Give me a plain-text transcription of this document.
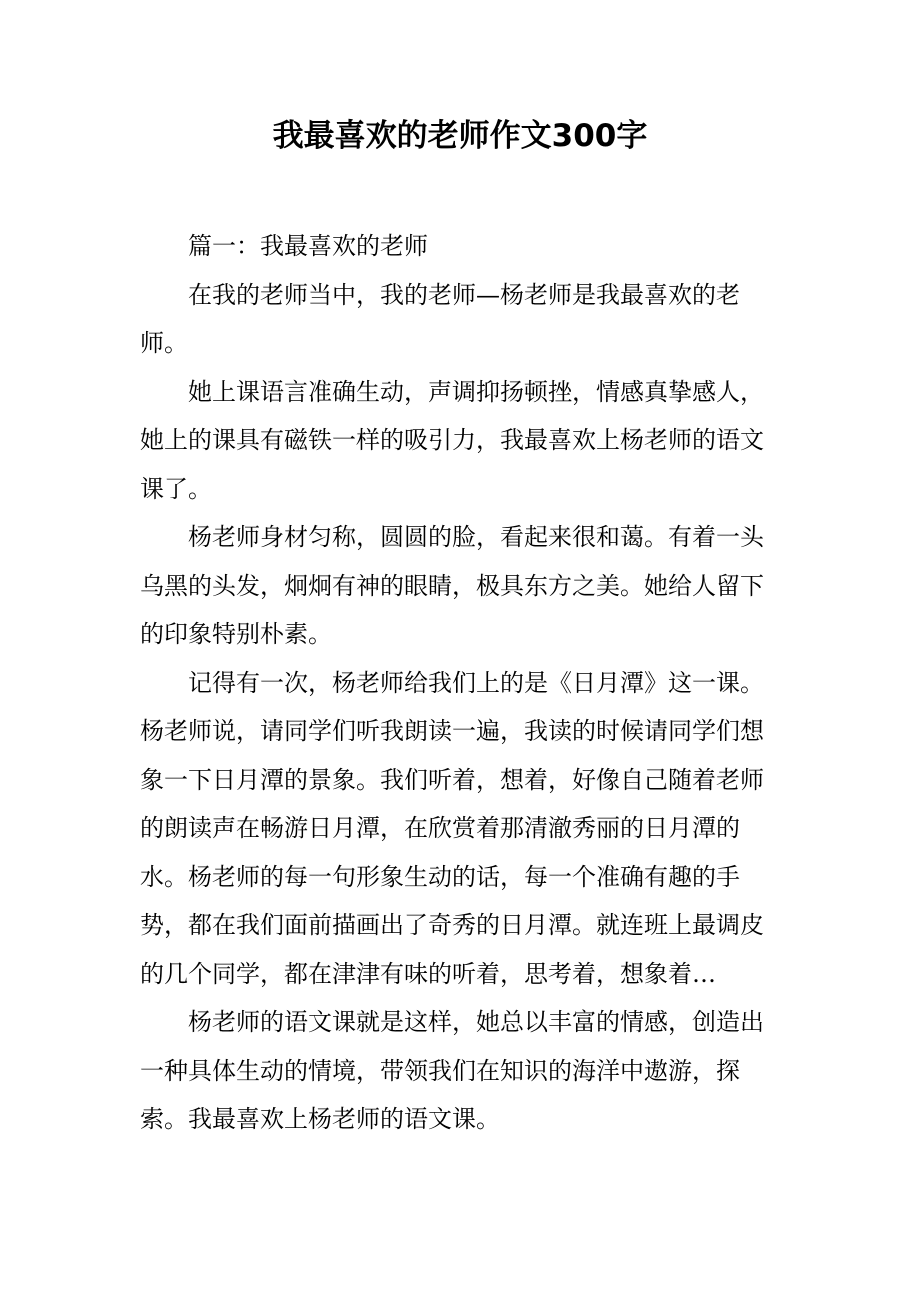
我最喜欢的老师作文300字

篇一：我最喜欢的老师

在我的老师当中，我的老师—杨老师是我最喜欢的老师。

她上课语言准确生动，声调抑扬顿挫，情感真挚感人，她上的课具有磁铁一样的吸引力，我最喜欢上杨老师的语文课了。

杨老师身材匀称，圆圆的脸，看起来很和蔼。有着一头乌黑的头发，炯炯有神的眼睛，极具东方之美。她给人留下的印象特别朴素。

记得有一次，杨老师给我们上的是《日月潭》这一课。杨老师说，请同学们听我朗读一遍，我读的时候请同学们想象一下日月潭的景象。我们听着，想着，好像自己随着老师的朗读声在畅游日月潭，在欣赏着那清澈秀丽的日月潭的水。杨老师的每一句形象生动的话，每一个准确有趣的手势，都在我们面前描画出了奇秀的日月潭。就连班上最调皮的几个同学，都在津津有味的听着，思考着，想象着…

杨老师的语文课就是这样，她总以丰富的情感，创造出一种具体生动的情境，带领我们在知识的海洋中遨游，探索。我最喜欢上杨老师的语文课。
